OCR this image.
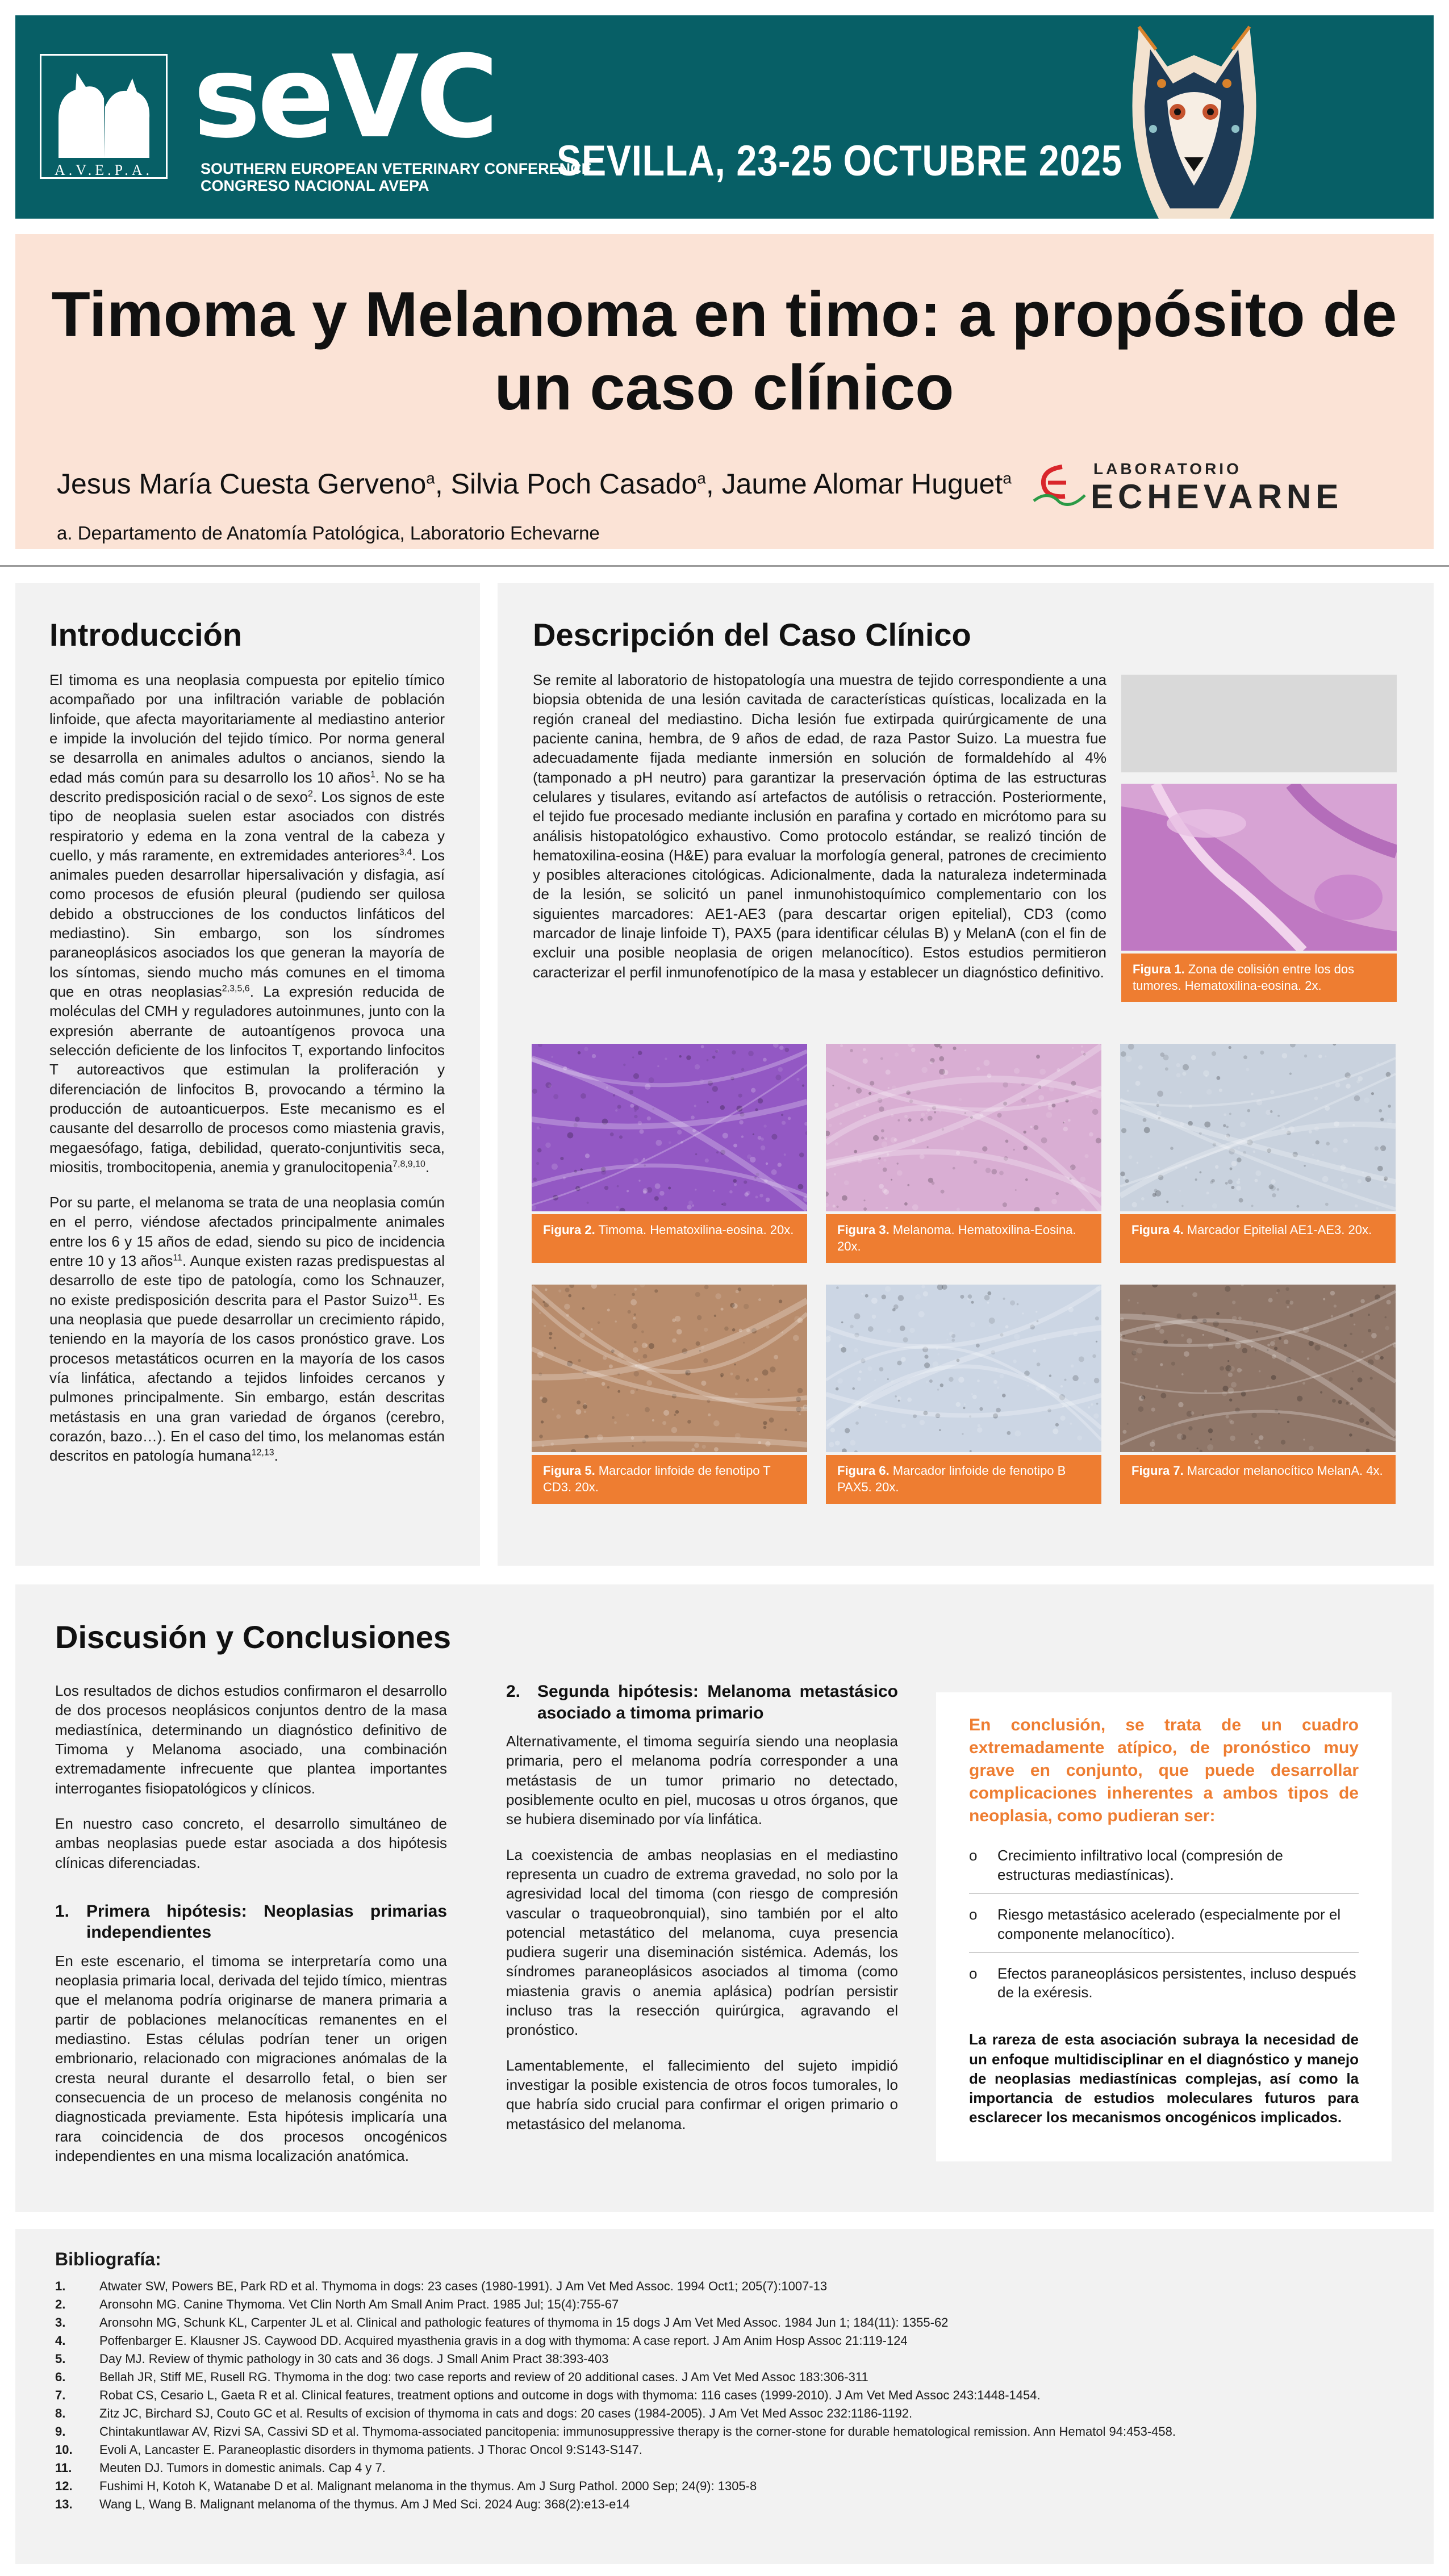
A.V.E.P.A.
seVC
SOUTHERN EUROPEAN VETERINARY CONFERENCE
CONGRESO NACIONAL AVEPA
SEVILLA, 23-25 OCTUBRE 2025
Timoma y Melanoma en timo: a propósito de un caso clínico
Jesus María Cuesta Gerveno$^a$, Silvia Poch Casado$^a$, Jaume Alomar Huguet$^a$
a. Departamento de Anatomía Patológica, Laboratorio Echevarne
LABORATORIO
ECHEVARNE
Introducción

El timoma es una neoplasia compuesta por epitelio tímico acompañado por una infiltración variable de población linfoide, que afecta mayoritariamente al mediastino anterior e impide la involución del tejido tímico. Por norma general se desarrolla en animales adultos o ancianos, siendo la edad más común para su desarrollo los 10 años$^1$. No se ha descrito predisposición racial o de sexo$^2$. Los signos de este tipo de neoplasia suelen estar asociados con distrés respiratorio y edema en la zona ventral de la cabeza y cuello, y más raramente, en extremidades anteriores$^{3,4}$. Los animales pueden desarrollar hipersalivación y disfagia, así como procesos de efusión pleural (pudiendo ser quilosa debido a obstrucciones de los conductos linfáticos del mediastino). Sin embargo, son los síndromes paraneoplásicos asociados los que generan la mayoría de los síntomas, siendo mucho más comunes en el timoma que en otras neoplasias$^{2,3,5,6}$. La expresión reducida de moléculas del CMH y reguladores autoinmunes, junto con la expresión aberrante de autoantígenos provoca una selección deficiente de los linfocitos T, exportando linfocitos T autoreactivos que estimulan la proliferación y diferenciación de linfocitos B, provocando a término la producción de autoanticuerpos. Este mecanismo es el causante del desarrollo de procesos como miastenia gravis, megaesófago, fatiga, debilidad, querato-conjuntivitis seca, miositis, trombocitopenia, anemia y granulocitopenia$^{7,8,9,10}$.

Por su parte, el melanoma se trata de una neoplasia común en el perro, viéndose afectados principalmente animales entre los 6 y 15 años de edad, siendo su pico de incidencia entre 10 y 13 años$^{11}$. Aunque existen razas predispuestas al desarrollo de este tipo de patología, como los Schnauzer, no existe predisposición descrita para el Pastor Suizo$^{11}$. Es una neoplasia que puede desarrollar un crecimiento rápido, teniendo en la mayoría de los casos pronóstico grave. Los procesos metastáticos ocurren en la mayoría de los casos vía linfática, afectando a tejidos linfoides cercanos y pulmones principalmente. Sin embargo, están descritas metástasis en una gran variedad de órganos (cerebro, corazón, bazo…). En el caso del timo, los melanomas están descritos en patología humana$^{12,13}$.

Descripción del Caso Clínico
Se remite al laboratorio de histopatología una muestra de tejido correspondiente a una biopsia obtenida de una lesión cavitada de características quísticas, localizada en la región craneal del mediastino. Dicha lesión fue extirpada quirúrgicamente de una paciente canina, hembra, de 9 años de edad, de raza Pastor Suizo. La muestra fue adecuadamente fijada mediante inmersión en solución de formaldehído al 4% (tamponado a pH neutro) para garantizar la preservación óptima de las estructuras celulares y tisulares, evitando así artefactos de autólisis o retracción. Posteriormente, el tejido fue procesado mediante inclusión en parafina y cortado en micrótomo para su análisis histopatológico exhaustivo. Como protocolo estándar, se realizó tinción de hematoxilina-eosina (H&E) para evaluar la morfología general, patrones de crecimiento y posibles alteraciones citológicas. Adicionalmente, dada la naturaleza indeterminada de la lesión, se solicitó un panel inmunohistoquímico complementario con los siguientes marcadores: AE1-AE3 (para descartar origen epitelial), CD3 (como marcador de linaje linfoide T), PAX5 (para identificar células B) y MelanA (con el fin de excluir una posible neoplasia de origen melanocítico). Estos estudios permitieron caracterizar el perfil inmunofenotípico de la masa y establecer un diagnóstico definitivo.	Figura 1. Zona de colisión entre los dos tumores. Hematoxilina-eosina. 2x.
Figura 2. Timoma. Hematoxilina-eosina. 20x.	Figura 3. Melanoma. Hematoxilina-Eosina. 20x.
Figura 4. Marcador Epitelial AE1-AE3. 20x.
Figura 5. Marcador linfoide de fenotipo T CD3. 20x.
Figura 6. Marcador linfoide de fenotipo B PAX5. 20x.
Figura 7. Marcador melanocítico MelanA. 4x.
Discusión y Conclusiones

Los resultados de dichos estudios confirmaron el desarrollo de dos procesos neoplásicos conjuntos dentro de la masa mediastínica, determinando un diagnóstico definitivo de Timoma y Melanoma asociado, una combinación extremadamente infrecuente que plantea importantes interrogantes fisiopatológicos y clínicos.

En nuestro caso concreto, el desarrollo simultáneo de ambas neoplasias puede estar asociada a dos hipótesis clínicas diferenciadas.

1. Primera hipótesis: Neoplasias primarias independientes

En este escenario, el timoma se interpretaría como una neoplasia primaria local, derivada del tejido tímico, mientras que el melanoma podría originarse de manera primaria a partir de poblaciones melanocíticas remanentes en el mediastino. Estas células podrían tener un origen embrionario, relacionado con migraciones anómalas de la cresta neural durante el desarrollo fetal, o bien ser consecuencia de un proceso de melanosis congénita no diagnosticada previamente. Esta hipótesis implicaría una rara coincidencia de dos procesos oncogénicos independientes en una misma localización anatómica.

2. Segunda hipótesis: Melanoma metastásico asociado a timoma primario

Alternativamente, el timoma seguiría siendo una neoplasia primaria, pero el melanoma podría corresponder a una metástasis de un tumor primario no detectado, posiblemente oculto en piel, mucosas u otros órganos, que se hubiera diseminado por vía linfática.

La coexistencia de ambas neoplasias en el mediastino representa un cuadro de extrema gravedad, no solo por la agresividad local del timoma (con riesgo de compresión vascular o traqueobronquial), sino también por el alto potencial metastático del melanoma, cuya presencia pudiera sugerir una diseminación sistémica. Además, los síndromes paraneoplásicos asociados al timoma (como miastenia gravis o anemia aplásica) podrían persistir incluso tras la resección quirúrgica, agravando el pronóstico.

Lamentablemente, el fallecimiento del sujeto impidió investigar la posible existencia de otros focos tumorales, lo que habría sido crucial para confirmar el origen primario o metastásico del melanoma.

En conclusión, se trata de un cuadro extremadamente atípico, de pronóstico muy grave en conjunto, que puede desarrollar complicaciones inherentes a ambos tipos de neoplasia, como pudieran ser:
o Crecimiento infiltrativo local (compresión de estructuras mediastínicas).
o Riesgo metastásico acelerado (especialmente por el componente melanocítico).
o Efectos paraneoplásicos persistentes, incluso después de la exéresis.
La rareza de esta asociación subraya la necesidad de un enfoque multidisciplinar en el diagnóstico y manejo de neoplasias mediastínicas complejas, así como la importancia de estudios moleculares futuros para esclarecer los mecanismos oncogénicos implicados.
Bibliografía:
1.	Atwater SW, Powers BE, Park RD et al. Thymoma in dogs: 23 cases (1980-1991). J Am Vet Med Assoc. 1994 Oct1; 205(7):1007-13
2.	Aronsohn MG. Canine Thymoma. Vet Clin North Am Small Anim Pract. 1985 Jul; 15(4):755-67
3.	Aronsohn MG, Schunk KL, Carpenter JL et al. Clinical and pathologic features of thymoma in 15 dogs J Am Vet Med Assoc. 1984 Jun 1; 184(11): 1355-62
4.	Poffenbarger E. Klausner JS. Caywood DD. Acquired myasthenia gravis in a dog with thymoma: A case report. J Am Anim Hosp Assoc 21:119-124
5.	Day MJ. Review of thymic pathology in 30 cats and 36 dogs. J Small Anim Pract 38:393-403
6.	Bellah JR, Stiff ME, Rusell RG. Thymoma in the dog: two case reports and review of 20 additional cases. J Am Vet Med Assoc 183:306-311
7.	Robat CS, Cesario L, Gaeta R et al. Clinical features, treatment options and outcome in dogs with thymoma: 116 cases (1999-2010). J Am Vet Med Assoc 243:1448-1454.
8.	Zitz JC, Birchard SJ, Couto GC et al. Results of excision of thymoma in cats and dogs: 20 cases (1984-2005). J Am Vet Med Assoc 232:1186-1192.
9.	Chintakuntlawar AV, Rizvi SA, Cassivi SD et al. Thymoma-associated pancitopenia: immunosuppressive therapy is the corner-stone for durable hematological remission. Ann Hematol 94:453-458.
10.	Evoli A, Lancaster E. Paraneoplastic disorders in thymoma patients. J Thorac Oncol 9:S143-S147.
11.	Meuten DJ. Tumors in domestic animals. Cap 4 y 7.
12.	Fushimi H, Kotoh K, Watanabe D et al. Malignant melanoma in the thymus. Am J Surg Pathol. 2000 Sep; 24(9): 1305-8
13.	Wang L, Wang B. Malignant melanoma of the thymus. Am J Med Sci. 2024 Aug: 368(2):e13-e14
